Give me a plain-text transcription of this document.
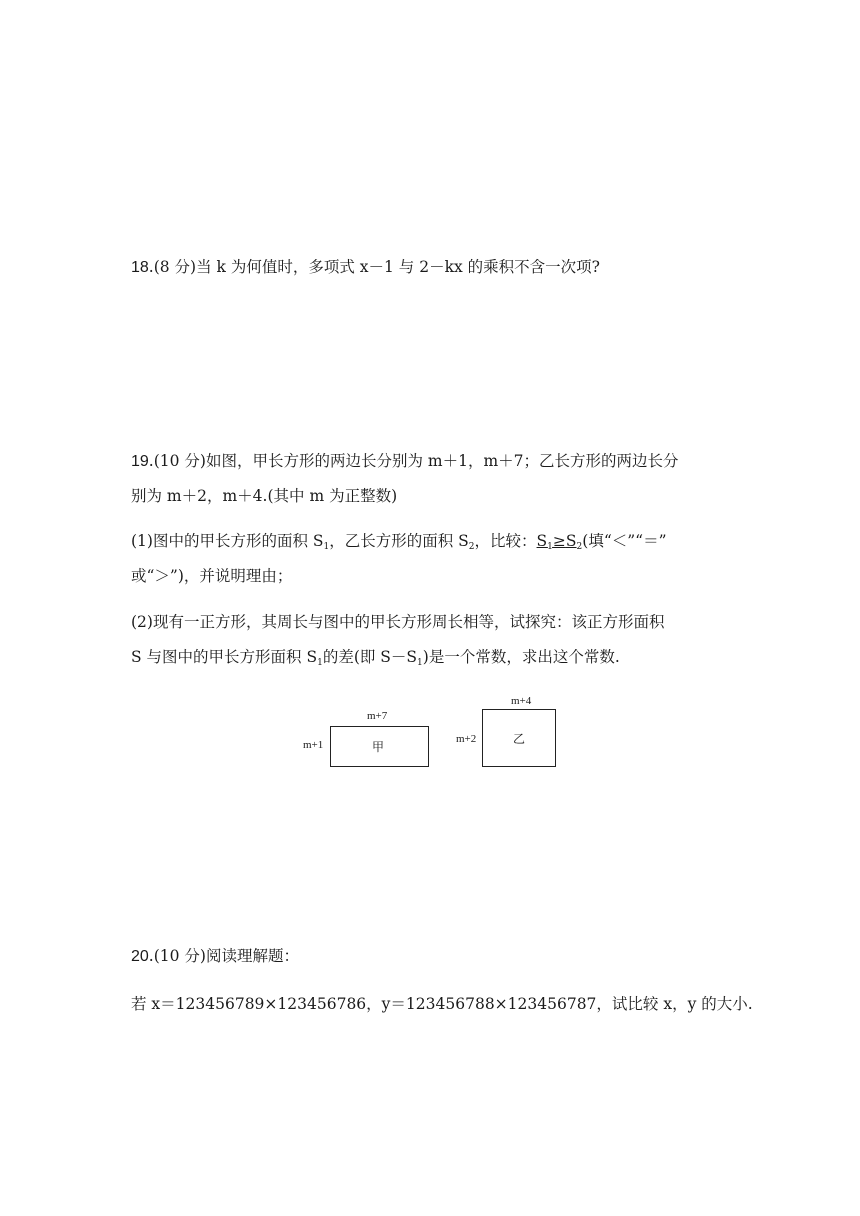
18.(8 分)当 k 为何值时，多项式 x－1 与 2－kx 的乘积不含一次项?
19.(10 分)如图，甲长方形的两边长分别为 m＋1，m＋7；乙长方形的两边长分
别为 m＋2，m＋4.(其中 m 为正整数)
(1)图中的甲长方形的面积 $S_1$，乙长方形的面积 $S_2$，比较：$S_1\ge S_2$(填“＜”“＝”
或“＞”)，并说明理由；
(2)现有一正方形，其周长与图中的甲长方形周长相等，试探究：该正方形面积
S 与图中的甲长方形面积 $S_1$的差(即 $S-S_1$)是一个常数，求出这个常数.
m+7
m+1	甲
m+4
m+2	乙
20.(10 分)阅读理解题：
若 x＝123456789×123456786，y＝123456788×123456787，试比较 x，y 的大小.
